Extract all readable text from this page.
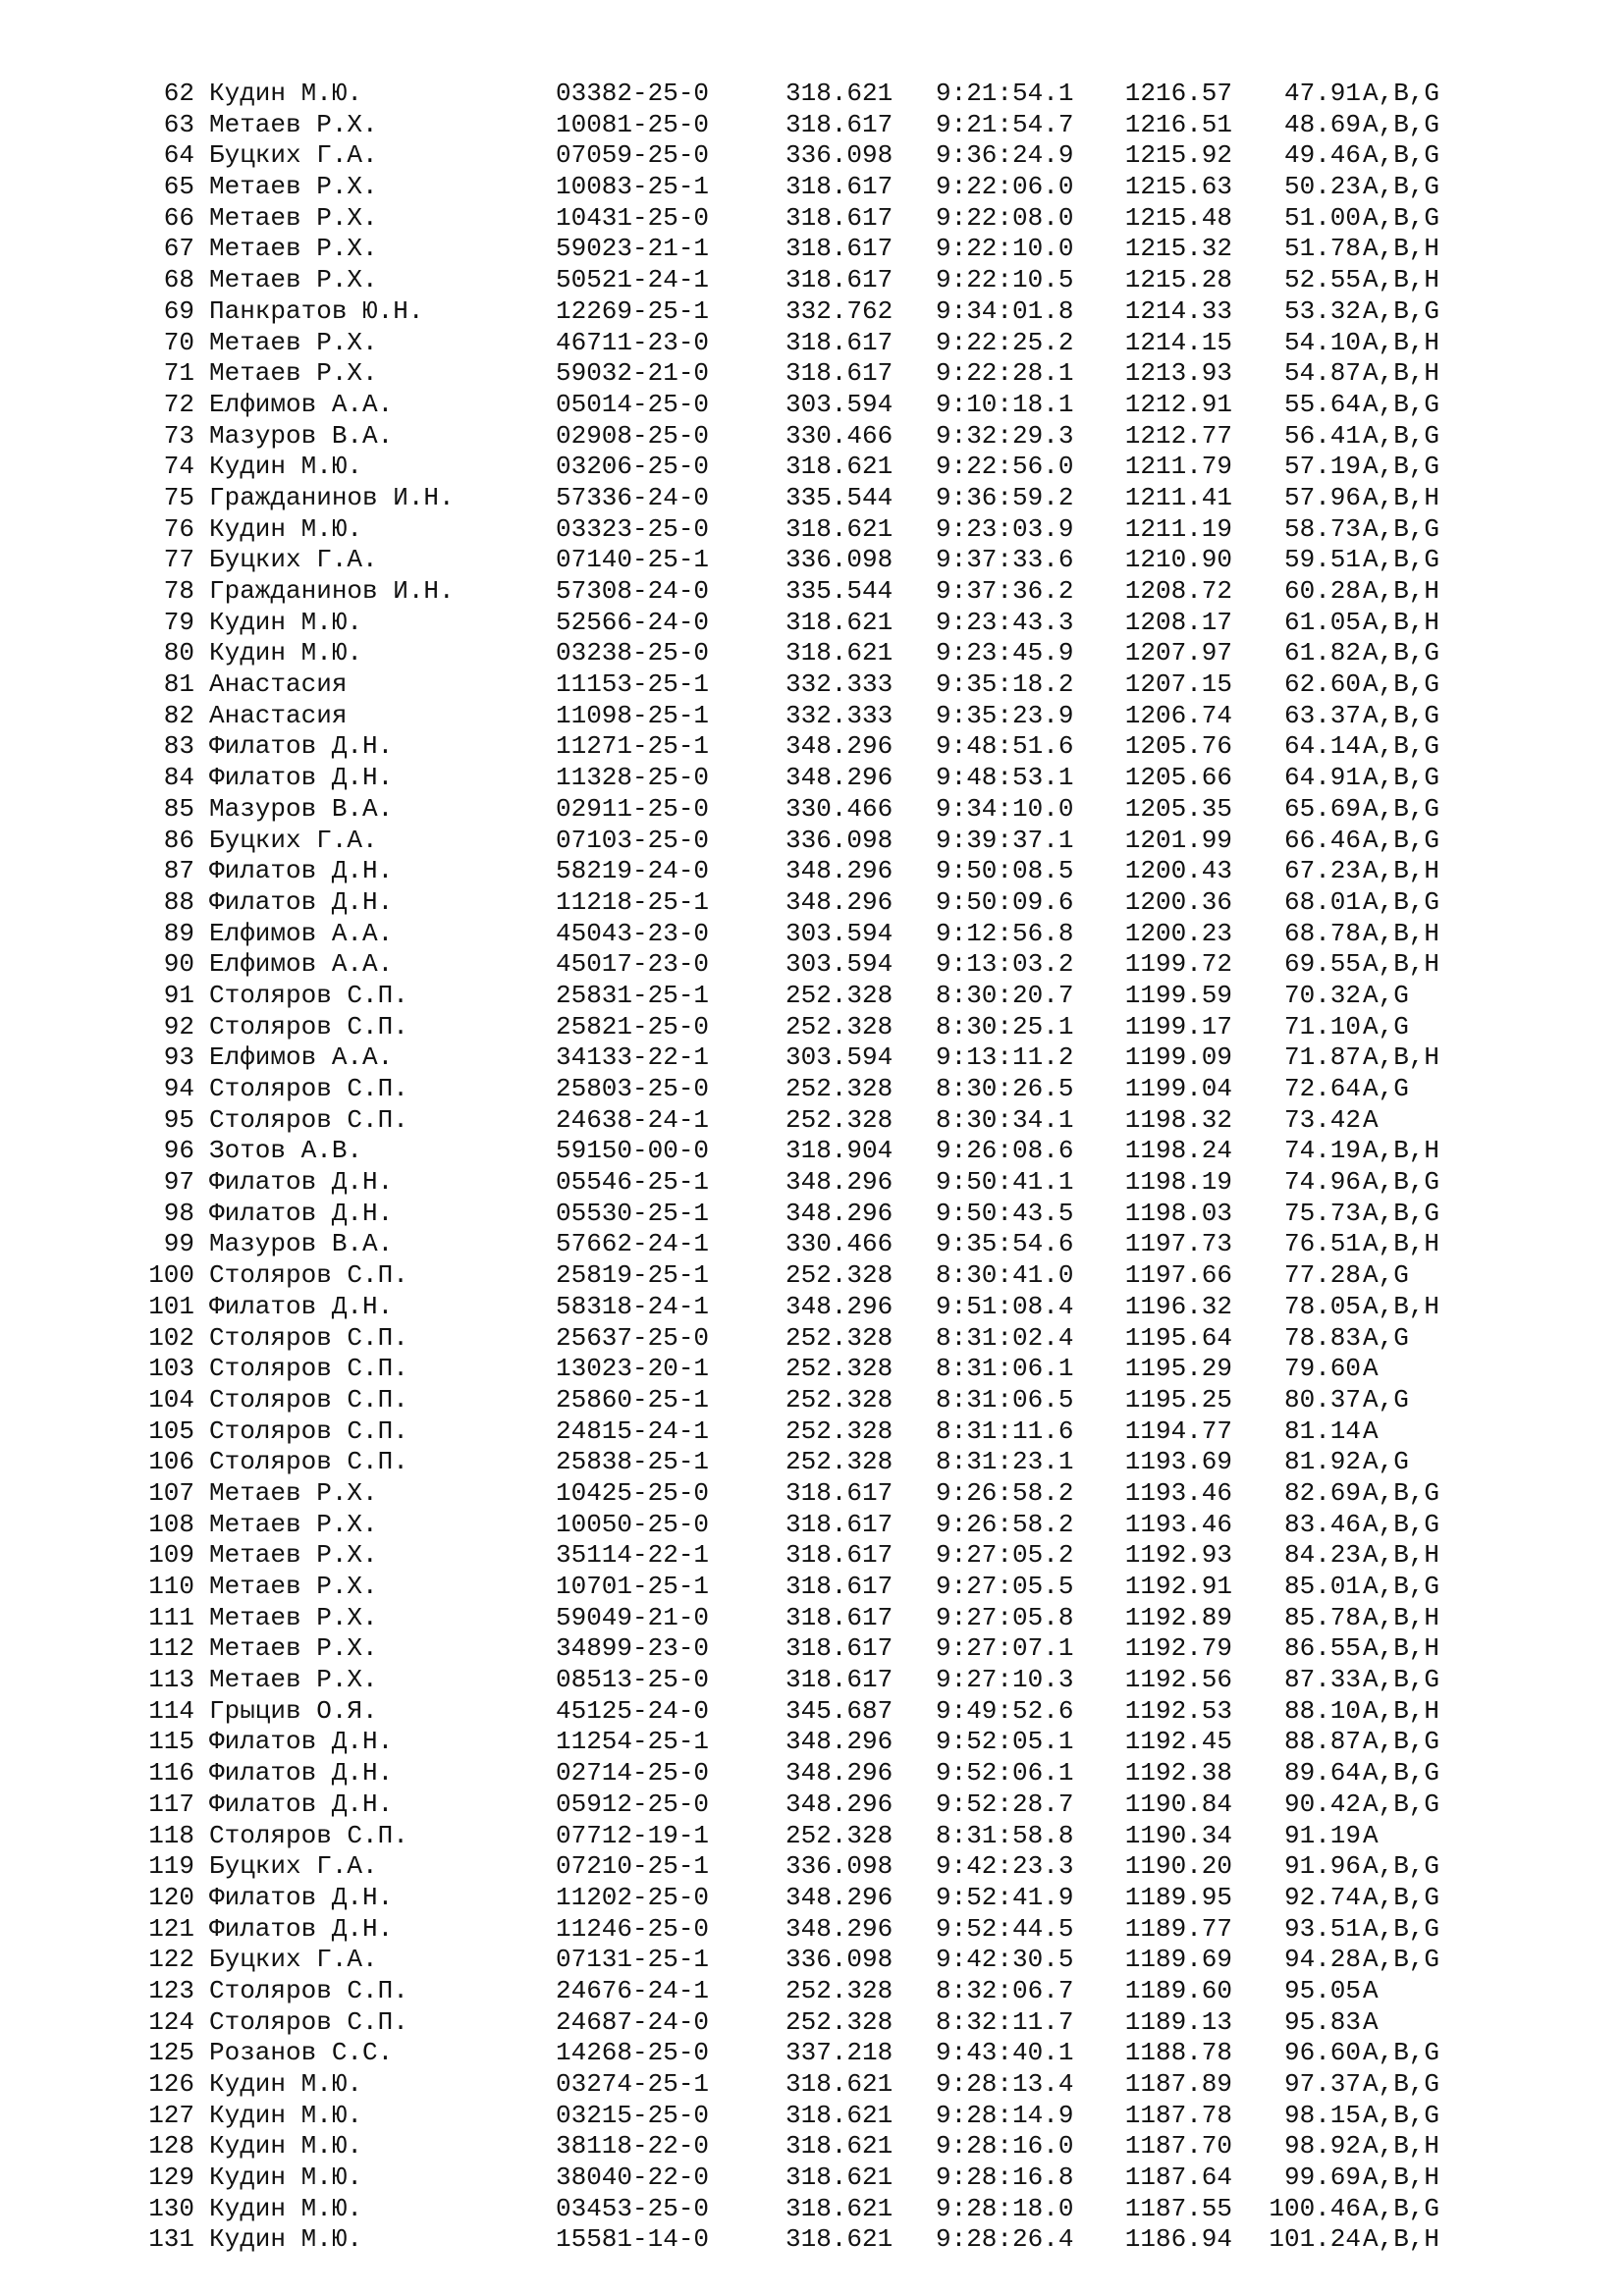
62 Кудин М.Ю.	03382-25-0	318.621 9:21:54.1	1216.57	47.91 A,B,G
63 Метаев Р.Х.	10081-25-0	318.617 9:21:54.7	1216.51	48.69 A,B,G
64 Буцких Г.А.	07059-25-0	336.098 9:36:24.9	1215.92	49.46 A,B,G
65 Метаев Р.Х.	10083-25-1	318.617 9:22:06.0	1215.63	50.23 A,B,G
66 Метаев Р.Х.	10431-25-0	318.617 9:22:08.0	1215.48	51.00 A,B,G
67 Метаев Р.Х.	59023-21-1	318.617 9:22:10.0	1215.32	51.78 A,B,H
68 Метаев Р.Х.	50521-24-1	318.617 9:22:10.5	1215.28	52.55 A,B,H
69 Панкратов Ю.Н.	12269-25-1	332.762 9:34:01.8	1214.33	53.32 A,B,G
70 Метаев Р.Х.	46711-23-0	318.617 9:22:25.2	1214.15	54.10 A,B,H
71 Метаев Р.Х.	59032-21-0	318.617 9:22:28.1	1213.93	54.87 A,B,H
72 Елфимов А.А.	05014-25-0	303.594 9:10:18.1	1212.91	55.64 A,B,G
73 Мазуров В.А.	02908-25-0	330.466 9:32:29.3	1212.77	56.41 A,B,G
74 Кудин М.Ю.	03206-25-0	318.621 9:22:56.0	1211.79	57.19 A,B,G
75 Гражданинов И.Н.	57336-24-0	335.544 9:36:59.2	1211.41	57.96 A,B,H
76 Кудин М.Ю.	03323-25-0	318.621 9:23:03.9	1211.19	58.73 A,B,G
77 Буцких Г.А.	07140-25-1	336.098 9:37:33.6	1210.90	59.51 A,B,G
78 Гражданинов И.Н.	57308-24-0	335.544 9:37:36.2	1208.72	60.28 A,B,H
79 Кудин М.Ю.	52566-24-0	318.621 9:23:43.3	1208.17	61.05 A,B,H
80 Кудин М.Ю.	03238-25-0	318.621 9:23:45.9	1207.97	61.82 A,B,G
81 Анастасия	11153-25-1	332.333 9:35:18.2	1207.15	62.60 A,B,G
82 Анастасия	11098-25-1	332.333 9:35:23.9	1206.74	63.37 A,B,G
83 Филатов Д.Н.	11271-25-1	348.296 9:48:51.6	1205.76	64.14 A,B,G
84 Филатов Д.Н.	11328-25-0	348.296 9:48:53.1	1205.66	64.91 A,B,G
85 Мазуров В.А.	02911-25-0	330.466 9:34:10.0	1205.35	65.69 A,B,G
86 Буцких Г.А.	07103-25-0	336.098 9:39:37.1	1201.99	66.46 A,B,G
87 Филатов Д.Н.	58219-24-0	348.296 9:50:08.5	1200.43	67.23 A,B,H
88 Филатов Д.Н.	11218-25-1	348.296 9:50:09.6	1200.36	68.01 A,B,G
89 Елфимов А.А.	45043-23-0	303.594 9:12:56.8	1200.23	68.78 A,B,H
90 Елфимов А.А.	45017-23-0	303.594 9:13:03.2	1199.72	69.55 A,B,H
91 Столяров С.П.	25831-25-1	252.328 8:30:20.7	1199.59	70.32 A,G
92 Столяров С.П.	25821-25-0	252.328 8:30:25.1	1199.17	71.10 A,G
93 Елфимов А.А.	34133-22-1	303.594 9:13:11.2	1199.09	71.87 A,B,H
94 Столяров С.П.	25803-25-0	252.328 8:30:26.5	1199.04	72.64 A,G
95 Столяров С.П.	24638-24-1	252.328 8:30:34.1	1198.32	73.42 A
96 Зотов А.В.	59150-00-0	318.904 9:26:08.6	1198.24	74.19 A,B,H
97 Филатов Д.Н.	05546-25-1	348.296 9:50:41.1	1198.19	74.96 A,B,G
98 Филатов Д.Н.	05530-25-1	348.296 9:50:43.5	1198.03	75.73 A,B,G
99 Мазуров В.А.	57662-24-1	330.466 9:35:54.6	1197.73	76.51 A,B,H
100 Столяров С.П.	25819-25-1	252.328 8:30:41.0	1197.66	77.28 A,G
101 Филатов Д.Н.	58318-24-1	348.296 9:51:08.4	1196.32	78.05 A,B,H
102 Столяров С.П.	25637-25-0	252.328 8:31:02.4	1195.64	78.83 A,G
103 Столяров С.П.	13023-20-1	252.328 8:31:06.1	1195.29	79.60 A
104 Столяров С.П.	25860-25-1	252.328 8:31:06.5	1195.25	80.37 A,G
105 Столяров С.П.	24815-24-1	252.328 8:31:11.6	1194.77	81.14 A
106 Столяров С.П.	25838-25-1	252.328 8:31:23.1	1193.69	81.92 A,G
107 Метаев Р.Х.	10425-25-0	318.617 9:26:58.2	1193.46	82.69 A,B,G
108 Метаев Р.Х.	10050-25-0	318.617 9:26:58.2	1193.46	83.46 A,B,G
109 Метаев Р.Х.	35114-22-1	318.617 9:27:05.2	1192.93	84.23 A,B,H
110 Метаев Р.Х.	10701-25-1	318.617 9:27:05.5	1192.91	85.01 A,B,G
111 Метаев Р.Х.	59049-21-0	318.617 9:27:05.8	1192.89	85.78 A,B,H
112 Метаев Р.Х.	34899-23-0	318.617 9:27:07.1	1192.79	86.55 A,B,H
113 Метаев Р.Х.	08513-25-0	318.617 9:27:10.3	1192.56	87.33 A,B,G
114 Грыцив О.Я.	45125-24-0	345.687 9:49:52.6	1192.53	88.10 A,B,H
115 Филатов Д.Н.	11254-25-1	348.296 9:52:05.1	1192.45	88.87 A,B,G
116 Филатов Д.Н.	02714-25-0	348.296 9:52:06.1	1192.38	89.64 A,B,G
117 Филатов Д.Н.	05912-25-0	348.296 9:52:28.7	1190.84	90.42 A,B,G
118 Столяров С.П.	07712-19-1	252.328 8:31:58.8	1190.34	91.19 A
119 Буцких Г.А.	07210-25-1	336.098 9:42:23.3	1190.20	91.96 A,B,G
120 Филатов Д.Н.	11202-25-0	348.296 9:52:41.9	1189.95	92.74 A,B,G
121 Филатов Д.Н.	11246-25-0	348.296 9:52:44.5	1189.77	93.51 A,B,G
122 Буцких Г.А.	07131-25-1	336.098 9:42:30.5	1189.69	94.28 A,B,G
123 Столяров С.П.	24676-24-1	252.328 8:32:06.7	1189.60	95.05 A
124 Столяров С.П.	24687-24-0	252.328 8:32:11.7	1189.13	95.83 A
125 Розанов С.С.	14268-25-0	337.218 9:43:40.1	1188.78	96.60 A,B,G
126 Кудин М.Ю.	03274-25-1	318.621 9:28:13.4	1187.89	97.37 A,B,G
127 Кудин М.Ю.	03215-25-0	318.621 9:28:14.9	1187.78	98.15 A,B,G
128 Кудин М.Ю.	38118-22-0	318.621 9:28:16.0	1187.70	98.92 A,B,H
129 Кудин М.Ю.	38040-22-0	318.621 9:28:16.8	1187.64	99.69 A,B,H
130 Кудин М.Ю.	03453-25-0	318.621 9:28:18.0	1187.55	100.46 A,B,G
131 Кудин М.Ю.	15581-14-0	318.621 9:28:26.4	1186.94	101.24 A,B,H
